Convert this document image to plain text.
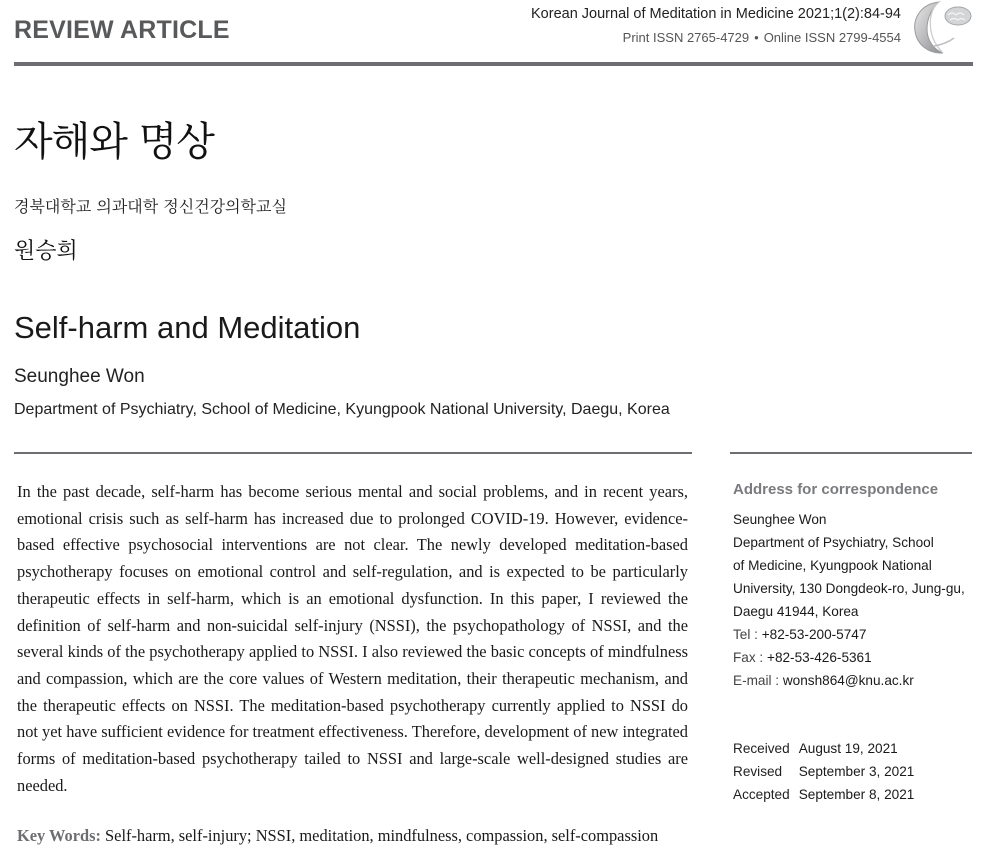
REVIEW ARTICLE
Korean Journal of Meditation in Medicine 2021;1(2):84-94
Print ISSN 2765-4729 • Online ISSN 2799-4554
자해와 명상
경북대학교 의과대학 정신건강의학교실
원승희
Self-harm and Meditation
Seunghee Won
Department of Psychiatry, School of Medicine, Kyungpook National University, Daegu, Korea

In the past decade, self-harm has become serious mental and social problems, and in recent years, emotional crisis such as self-harm has increased due to prolonged COVID-19. However, evidence-based effective psychosocial interventions are not clear. The newly developed meditation-based psychotherapy focuses on emotional control and self-regulation, and is expected to be particularly therapeutic effects in self-harm, which is an emotional dysfunction. In this paper, I reviewed the definition of self-harm and non-suicidal self-injury (NSSI), the psychopathology of NSSI, and the several kinds of the psychotherapy applied to NSSI. I also reviewed the basic concepts of mindfulness and compassion, which are the core values of Western meditation, their therapeutic mechanism, and the therapeutic effects on NSSI. The meditation-based psychotherapy currently applied to NSSI do not yet have sufficient evidence for treatment effectiveness. Therefore, development of new integrated forms of meditation-based psychotherapy tailed to NSSI and large-scale well-designed studies are needed.

Key Words: Self-harm, self-injury; NSSI, meditation, mindfulness, compassion, self-compassion
Address for correspondence
Seunghee Won
Department of Psychiatry, School
of Medicine, Kyungpook National
University, 130 Dongdeok-ro, Jung-gu,
Daegu 41944, Korea
Tel : +82-53-200-5747
Fax : +82-53-426-5361
E-mail : wonsh864@knu.ac.kr
Received	August 19, 2021
Revised	September 3, 2021
Accepted	September 8, 2021
